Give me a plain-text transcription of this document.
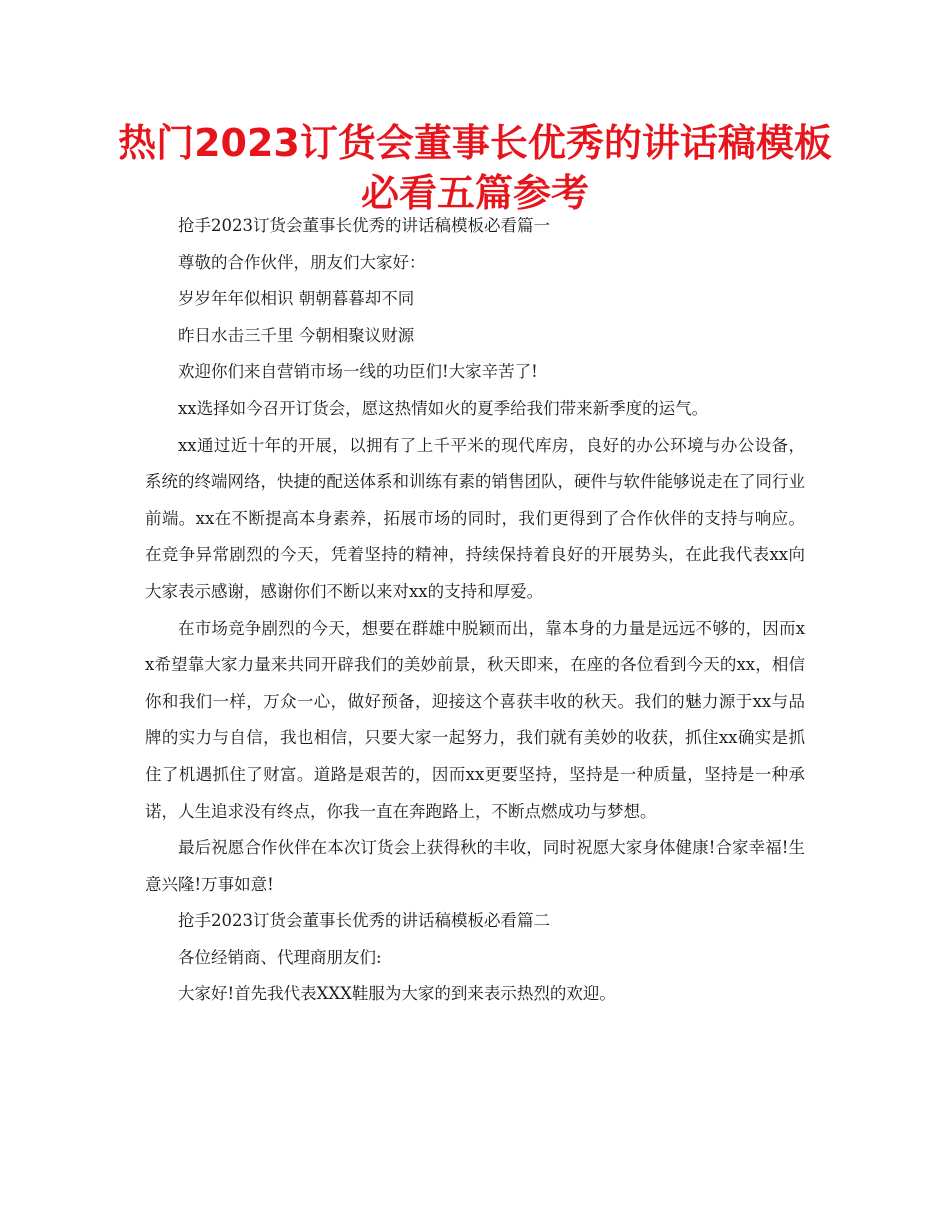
热门2023订货会董事长优秀的讲话稿模板必看五篇参考

抢手2023订货会董事长优秀的讲话稿模板必看篇一

尊敬的合作伙伴，朋友们大家好：

岁岁年年似相识 朝朝暮暮却不同

昨日水击三千里 今朝相聚议财源

欢迎你们来自营销市场一线的功臣们!大家辛苦了!

xx选择如今召开订货会，愿这热情如火的夏季给我们带来新季度的运气。

xx通过近十年的开展，以拥有了上千平米的现代库房，良好的办公环境与办公设备，系统的终端网络，快捷的配送体系和训练有素的销售团队，硬件与软件能够说走在了同行业前端。xx在不断提高本身素养，拓展市场的同时，我们更得到了合作伙伴的支持与响应。在竞争异常剧烈的今天，凭着坚持的精神，持续保持着良好的开展势头，在此我代表xx向大家表示感谢，感谢你们不断以来对xx的支持和厚爱。

在市场竞争剧烈的今天，想要在群雄中脱颖而出，靠本身的力量是远远不够的，因而xx希望靠大家力量来共同开辟我们的美妙前景，秋天即来，在座的各位看到今天的xx，相信你和我们一样，万众一心，做好预备，迎接这个喜获丰收的秋天。我们的魅力源于xx与品牌的实力与自信，我也相信，只要大家一起努力，我们就有美妙的收获，抓住xx确实是抓住了机遇抓住了财富。道路是艰苦的，因而xx更要坚持，坚持是一种质量，坚持是一种承诺，人生追求没有终点，你我一直在奔跑路上，不断点燃成功与梦想。

最后祝愿合作伙伴在本次订货会上获得秋的丰收，同时祝愿大家身体健康!合家幸福!生意兴隆!万事如意!

抢手2023订货会董事长优秀的讲话稿模板必看篇二

各位经销商、代理商朋友们:

大家好!首先我代表XXX鞋服为大家的到来表示热烈的欢迎。
